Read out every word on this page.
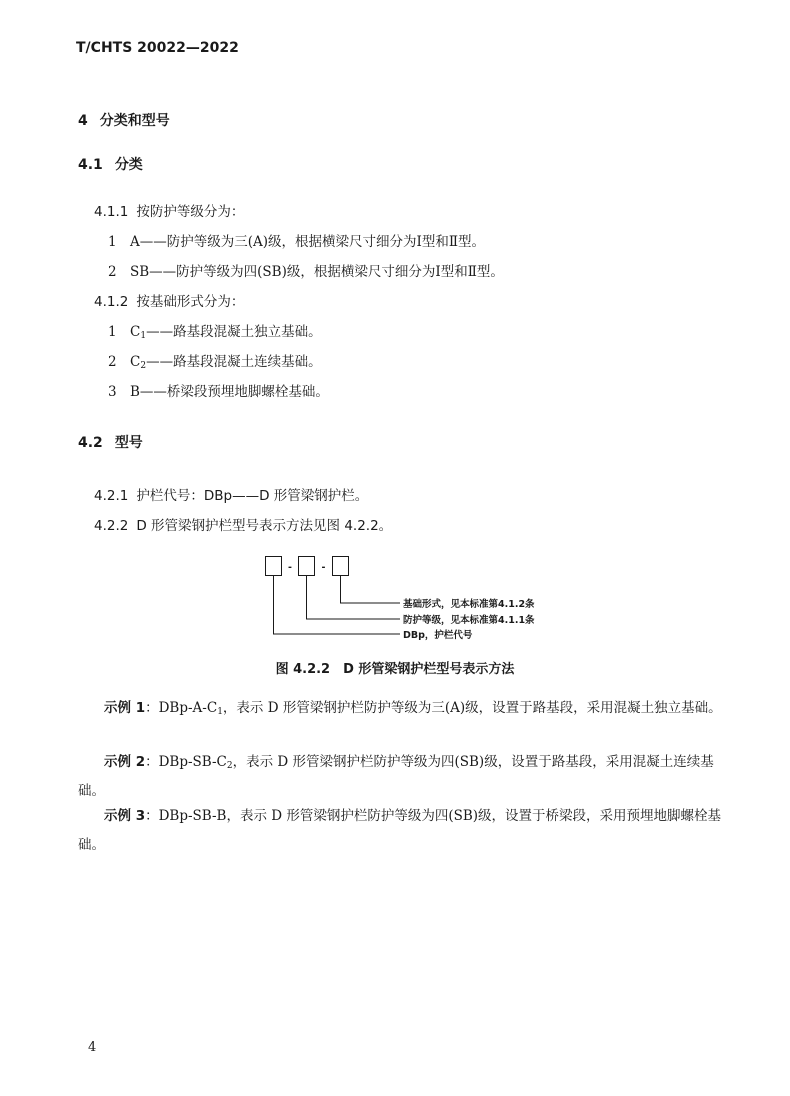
T/CHTS 20022—2022
4 分类和型号
4.1 分类
4.1.1 按防护等级分为：
1 A——防护等级为三(A)级，根据横梁尺寸细分为Ⅰ型和Ⅱ型。
2 SB——防护等级为四(SB)级，根据横梁尺寸细分为Ⅰ型和Ⅱ型。
4.1.2 按基础形式分为：
1 $C_1——$路基段混凝土独立基础。
2 $C_2——$路基段混凝土连续基础。
3 B——桥梁段预埋地脚螺栓基础。
4.2 型号
4.2.1 护栏代号：DBp——D 形管梁钢护栏。
4.2.2 D 形管梁钢护栏型号表示方法见图 4.2.2。
-	-
基础形式，见本标准第4.1.2条
防护等级，见本标准第4.1.1条
DBp，护栏代号
图 4.2.2　D 形管梁钢护栏型号表示方法
示例 1：DBp-$A-C_1$，表示 D 形管梁钢护栏防护等级为三(A)级，设置于路基段，采用混凝土独立基础。
示例 2：DBp-$SB-C_2$，表示 D 形管梁钢护栏防护等级为四(SB)级，设置于路基段，采用混凝土连续基础。
示例 3：DBp-SB-B，表示 D 形管梁钢护栏防护等级为四(SB)级，设置于桥梁段，采用预埋地脚螺栓基础。
4
